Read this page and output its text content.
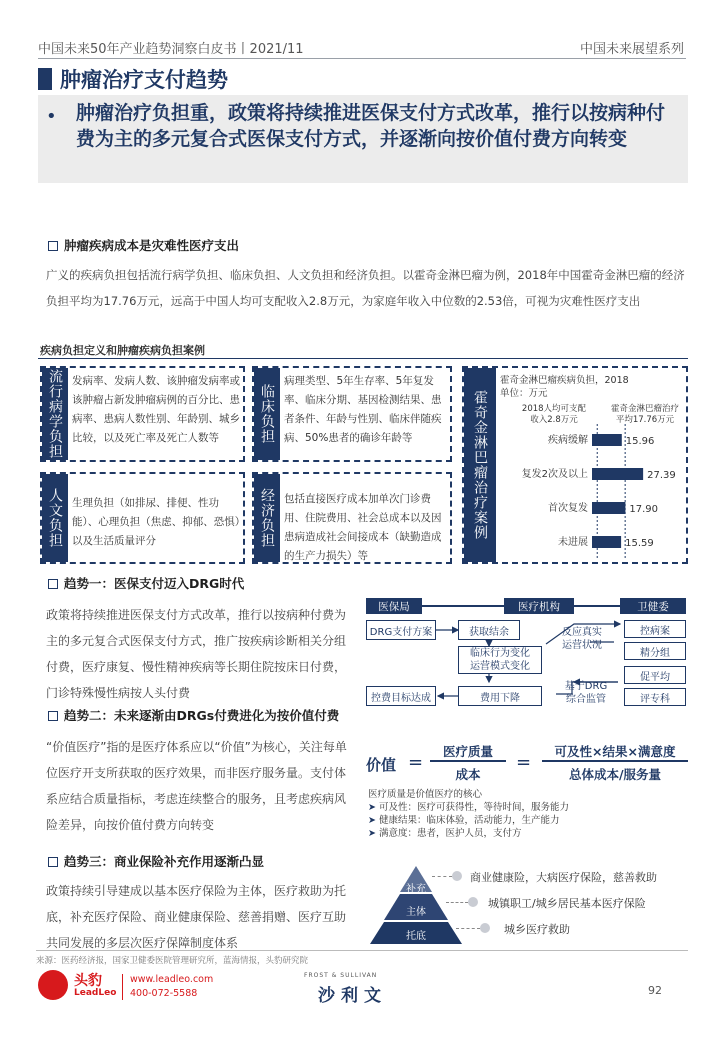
中国未来50年产业趋势洞察白皮书丨2021/11	中国未来展望系列
肿瘤治疗支付趋势
• 肿瘤治疗负担重，政策将持续推进医保支付方式改革，推行以按病种付费为主的多元复合式医保支付方式，并逐渐向按价值付费方向转变
肿瘤疾病成本是灾难性医疗支出
广义的疾病负担包括流行病学负担、临床负担、人文负担和经济负担。以霍奇金淋巴瘤为例，2018年中国霍奇金淋巴瘤的经济负担平均为17.76万元，远高于中国人均可支配收入2.8万元，为家庭年收入中位数的2.53倍，可视为灾难性医疗支出
疾病负担定义和肿瘤疾病负担案例
流行病学负担 发病率、发病人数、该肿瘤发病率或该肿瘤占新发肿瘤病例的百分比、患病率、患病人数性别、年龄别、城乡比较，以及死亡率及死亡人数等	临床负担
病理类型、5年生存率、5年复发率、临床分期、基因检测结果、患者条件、年龄与性别、临床伴随疾病、50%患者的确诊年龄等
人文负担 生理负担（如排尿、排便、性功能）、心理负担（焦虑、抑郁、恐惧）以及生活质量评分	经济负担 包括直接医疗成本加单次门诊费用、住院费用、社会总成本以及因患病造成社会间接成本（缺勤造成的生产力损失）等
霍奇金淋巴瘤治疗案例
霍奇金淋巴瘤疾病负担，2018
单位：万元
2018人均可支配收入2.8万元
霍奇金淋巴瘤治疗平均17.76万元
疾病缓解	15.96
复发2次及以上	27.39
首次复发	17.90
未进展	15.59
趋势一：医保支付迈入DRG时代
政策将持续推进医保支付方式改革，推行以按病种付费为主的多元复合式医保支付方式，推广按疾病诊断相关分组付费，医疗康复、慢性精神疾病等长期住院按床日付费，门诊特殊慢性病按人头付费
医保局	医疗机构	卫健委
DRG支付方案	获取结余
临床行为变化
运营模式变化
费用下降
控费目标达成
反应真实
运营状况
基于DRG
综合监管
控病案
精分组
促平均
评专科
趋势二：未来逐渐由DRGs付费进化为按价值付费
“价值医疗”指的是医疗体系应以“价值”为核心，关注每单位医疗开支所获取的医疗效果，而非医疗服务量。支付体系应结合质量指标，考虑连续整合的服务，且考虑疾病风险差异，向按价值付费方向转变
价值 =
医疗质量
成本
=
可及性×结果×满意度
总体成本/服务量
医疗质量是价值医疗的核心
➤ 可及性：医疗可获得性，等待时间，服务能力
➤ 健康结果：临床体验，活动能力，生产能力
➤ 满意度：患者，医护人员，支付方
趋势三：商业保险补充作用逐渐凸显
政策持续引导建成以基本医疗保险为主体，医疗救助为托底，补充医疗保险、商业健康保险、慈善捐赠、医疗互助共同发展的多层次医疗保障制度体系
补充
主体
托底
商业健康险，大病医疗保险，慈善救助
城镇职工/城乡居民基本医疗保险
城乡医疗救助
来源：医药经济报，国家卫健委医院管理研究所，蓝海情报，头豹研究院
头豹
LeadLeo
www.leadleo.com
400-072-5588
FROST & SULLIVAN
沙利文	92
